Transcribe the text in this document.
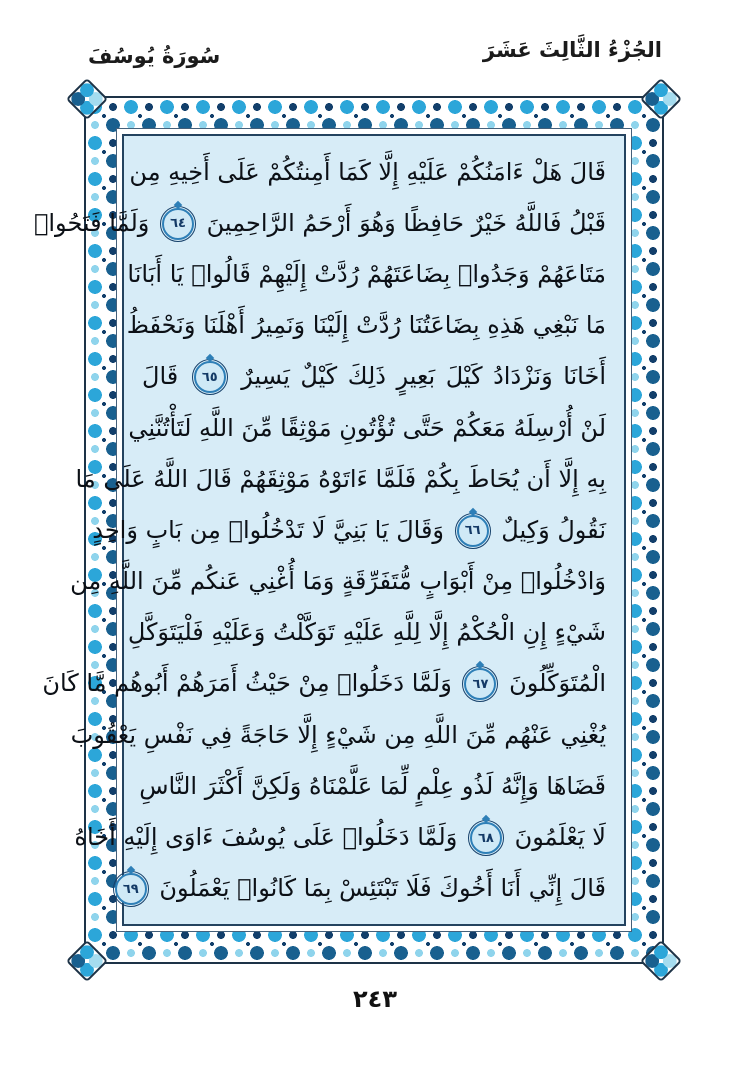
الجُزْءُ الثَّالِثَ عَشَرَ
سُورَةُ يُوسُفَ
قَالَ هَلْ ءَامَنُكُمْ عَلَيْهِ إِلَّا كَمَا أَمِنتُكُمْ عَلَى أَخِيهِ مِن
قَبْلُ فَاللَّهُ خَيْرٌ حَافِظًا وَهُوَ أَرْحَمُ الرَّاحِمِينَ ٦٤ وَلَمَّا فَتَحُوا۟
مَتَاعَهُمْ وَجَدُوا۟ بِضَاعَتَهُمْ رُدَّتْ إِلَيْهِمْ قَالُوا۟ يَا أَبَانَا
مَا نَبْغِي هَذِهِ بِضَاعَتُنَا رُدَّتْ إِلَيْنَا وَنَمِيرُ أَهْلَنَا وَنَحْفَظُ
أَخَانَا وَنَزْدَادُ كَيْلَ بَعِيرٍ ذَلِكَ كَيْلٌ يَسِيرٌ ٦٥ قَالَ
لَنْ أُرْسِلَهُ مَعَكُمْ حَتَّى تُؤْتُونِ مَوْثِقًا مِّنَ اللَّهِ لَتَأْتُنَّنِي
بِهِ إِلَّا أَن يُحَاطَ بِكُمْ فَلَمَّا ءَاتَوْهُ مَوْثِقَهُمْ قَالَ اللَّهُ عَلَى مَا
نَقُولُ وَكِيلٌ ٦٦ وَقَالَ يَا بَنِيَّ لَا تَدْخُلُوا۟ مِن بَابٍ وَاحِدٍ
وَادْخُلُوا۟ مِنْ أَبْوَابٍ مُّتَفَرِّقَةٍ وَمَا أُغْنِي عَنكُم مِّنَ اللَّهِ مِن
شَيْءٍ إِنِ الْحُكْمُ إِلَّا لِلَّهِ عَلَيْهِ تَوَكَّلْتُ وَعَلَيْهِ فَلْيَتَوَكَّلِ
الْمُتَوَكِّلُونَ ٦٧ وَلَمَّا دَخَلُوا۟ مِنْ حَيْثُ أَمَرَهُمْ أَبُوهُم مَّا كَانَ
يُغْنِي عَنْهُم مِّنَ اللَّهِ مِن شَيْءٍ إِلَّا حَاجَةً فِي نَفْسِ يَعْقُوبَ
قَضَاهَا وَإِنَّهُ لَذُو عِلْمٍ لِّمَا عَلَّمْنَاهُ وَلَكِنَّ أَكْثَرَ النَّاسِ
لَا يَعْلَمُونَ ٦٨ وَلَمَّا دَخَلُوا۟ عَلَى يُوسُفَ ءَاوَى إِلَيْهِ أَخَاهُ
قَالَ إِنِّي أَنَا أَخُوكَ فَلَا تَبْتَئِسْ بِمَا كَانُوا۟ يَعْمَلُونَ ٦٩
٢٤٣
